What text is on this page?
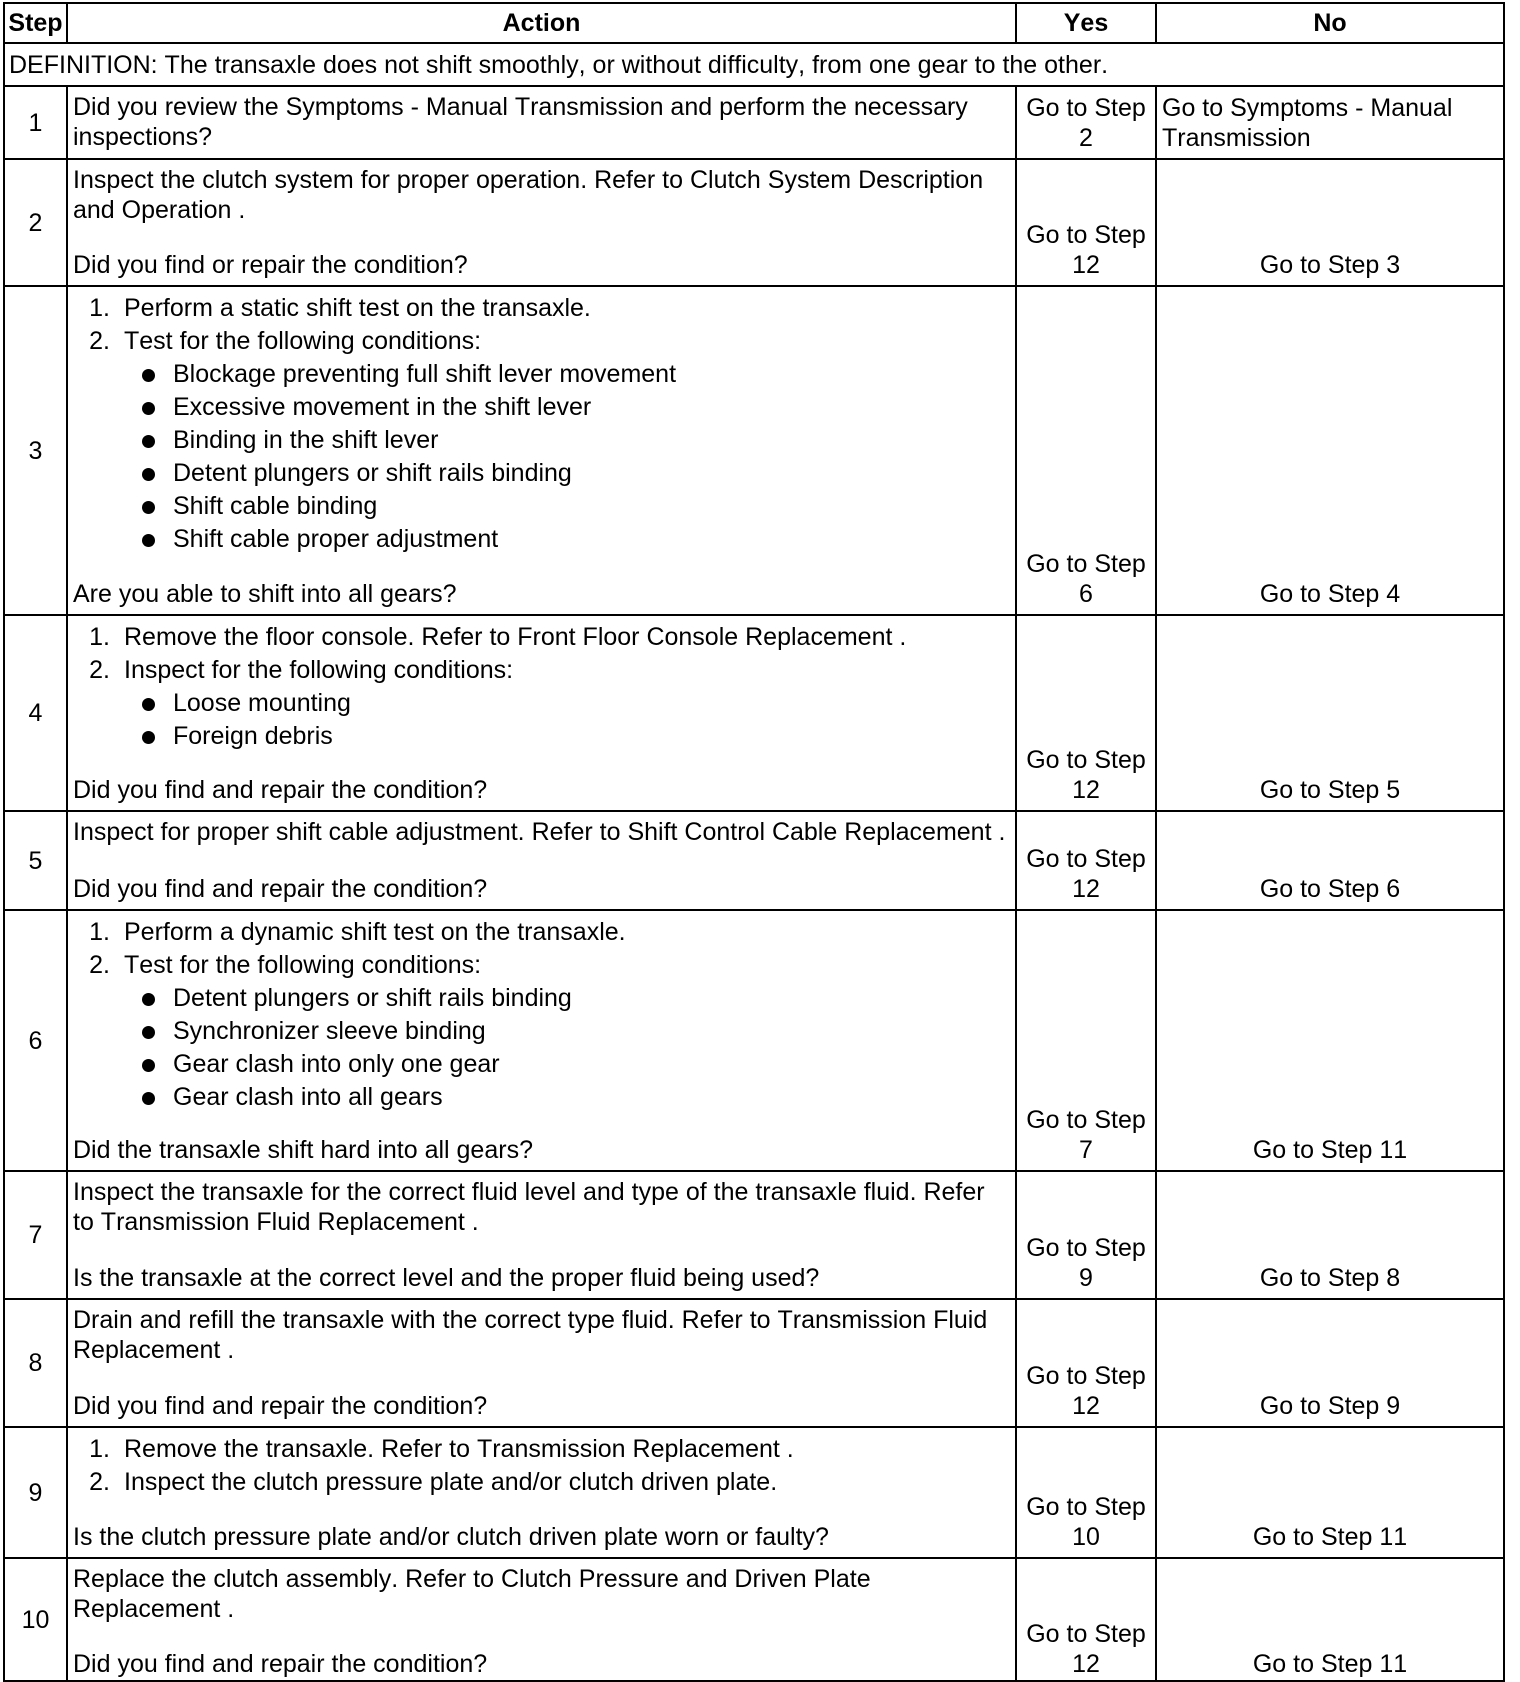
Step	Action	Yes	No
DEFINITION: The transaxle does not shift smoothly, or without difficulty, from one gear to the other.
1
Did you review the Symptoms - Manual Transmission and perform the necessary
inspections?
Go to Step 2
Go to Symptoms - Manual Transmission
2
Inspect the clutch system for proper operation. Refer to Clutch System Description
and Operation .
Did you find or repair the condition?
Go to Step 12	Go to Step 3
3
1. Perform a static shift test on the transaxle.
2. Test for the following conditions:
Blockage preventing full shift lever movement
Excessive movement in the shift lever
Binding in the shift lever
Detent plungers or shift rails binding
Shift cable binding
Shift cable proper adjustment
Are you able to shift into all gears?
Go to Step 6	Go to Step 4
4
1. Remove the floor console. Refer to Front Floor Console Replacement .
2. Inspect for the following conditions:
Loose mounting
Foreign debris
Did you find and repair the condition?
Go to Step 12	Go to Step 5
5
Inspect for proper shift cable adjustment. Refer to Shift Control Cable Replacement .
Did you find and repair the condition?
Go to Step 12	Go to Step 6
6
1. Perform a dynamic shift test on the transaxle.
2. Test for the following conditions:
Detent plungers or shift rails binding
Synchronizer sleeve binding
Gear clash into only one gear
Gear clash into all gears
Did the transaxle shift hard into all gears?
Go to Step 7	Go to Step 11
7
Inspect the transaxle for the correct fluid level and type of the transaxle fluid. Refer
to Transmission Fluid Replacement .
Is the transaxle at the correct level and the proper fluid being used?
Go to Step 9	Go to Step 8
8
Drain and refill the transaxle with the correct type fluid. Refer to Transmission Fluid
Replacement .
Did you find and repair the condition?
Go to Step 12	Go to Step 9
9
1. Remove the transaxle. Refer to Transmission Replacement .
2. Inspect the clutch pressure plate and/or clutch driven plate.
Is the clutch pressure plate and/or clutch driven plate worn or faulty?
Go to Step 10	Go to Step 11
10
Replace the clutch assembly. Refer to Clutch Pressure and Driven Plate
Replacement .
Did you find and repair the condition?
Go to Step 12	Go to Step 11
